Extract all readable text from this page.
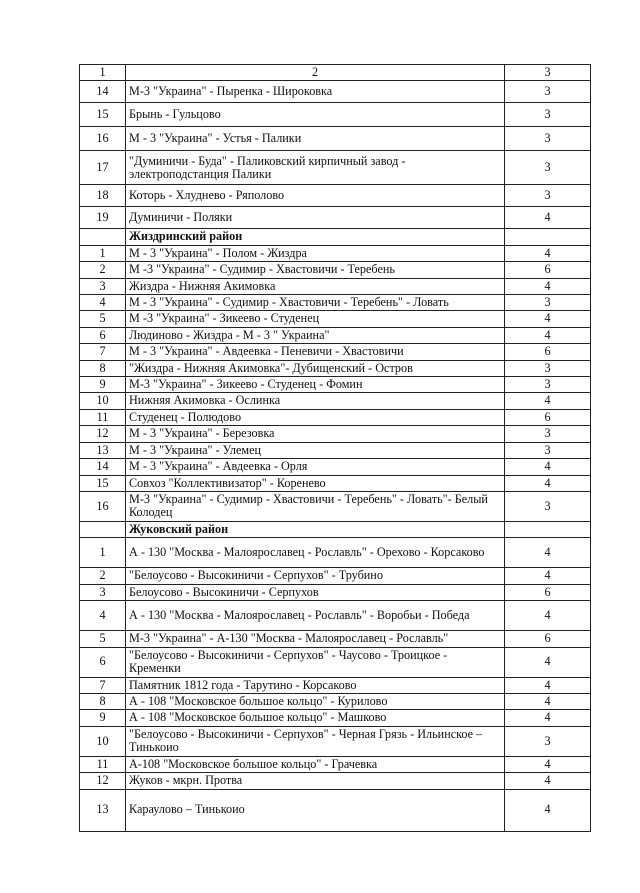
1	2	3
14	М-3 "Украина" - Пыренка - Широковка	3
15	Брынь - Гульцово	3
16	М - 3 "Украина" - Устья - Палики	3
17	"Думиничи - Буда" - Паликовский кирпичный завод - электроподстанция Палики	3
18	Которь - Хлуднево - Ряполово	3
19	Думиничи - Поляки	4
	Жиздринский район	
1	М - 3 "Украина" - Полом - Жиздра	4
2	М -3 "Украина" - Судимир - Хвастовичи - Теребень	6
3	Жиздра - Нижняя Акимовка	4
4	М - 3 "Украина" - Судимир - Хвастовичи - Теребень" - Ловать	3
5	М -3 "Украина" - Зикеево - Студенец	4
6	Людиново - Жиздра - М - 3 " Украина"	4
7	М - 3 "Украина" - Авдеевка - Пеневичи - Хвастовичи	6
8	"Жиздра - Нижняя Акимовка"- Дубищенский - Остров	3
9	М-3 "Украина" - Зикеево - Студенец - Фомин	3
10	Нижняя Акимовка - Ослинка	4
11	Студенец - Полюдово	6
12	М - 3 "Украина" - Березовка	3
13	М - 3 "Украина" - Улемец	3
14	М - 3 "Украина" - Авдеевка - Орля	4
15	Совхоз "Коллективизатор" - Коренево	4
16	М-3 "Украина" - Судимир - Хвастовичи - Теребень" - Ловать"- Белый Колодец	3
	Жуковский район	
1	А - 130 "Москва - Малоярославец - Рославль" - Орехово - Корсаково	4
2	"Белоусово - Высокиничи - Серпухов" - Трубино	4
3	Белоусово - Высокиничи - Серпухов	6
4	А - 130 "Москва - Малоярославец - Рославль" - Воробьи - Победа	4
5	М-3 "Украина" - А-130 "Москва - Малоярославец - Рославль"	6
6	"Белоусово - Высокиничи - Серпухов" - Чаусово - Троицкое - Кременки	4
7	Памятник 1812 года - Тарутино - Корсаково	4
8	А - 108 "Московское большое кольцо" - Курилово	4
9	А - 108 "Московское большое кольцо" - Машково	4
10	"Белоусово - Высокиничи - Серпухов" - Черная Грязь - Ильинское – Тинькоио	3
11	А-108 "Московское большое кольцо" - Грачевка	4
12	Жуков - мкрн. Протва	4
13	Караулово – Тинькоио	4
